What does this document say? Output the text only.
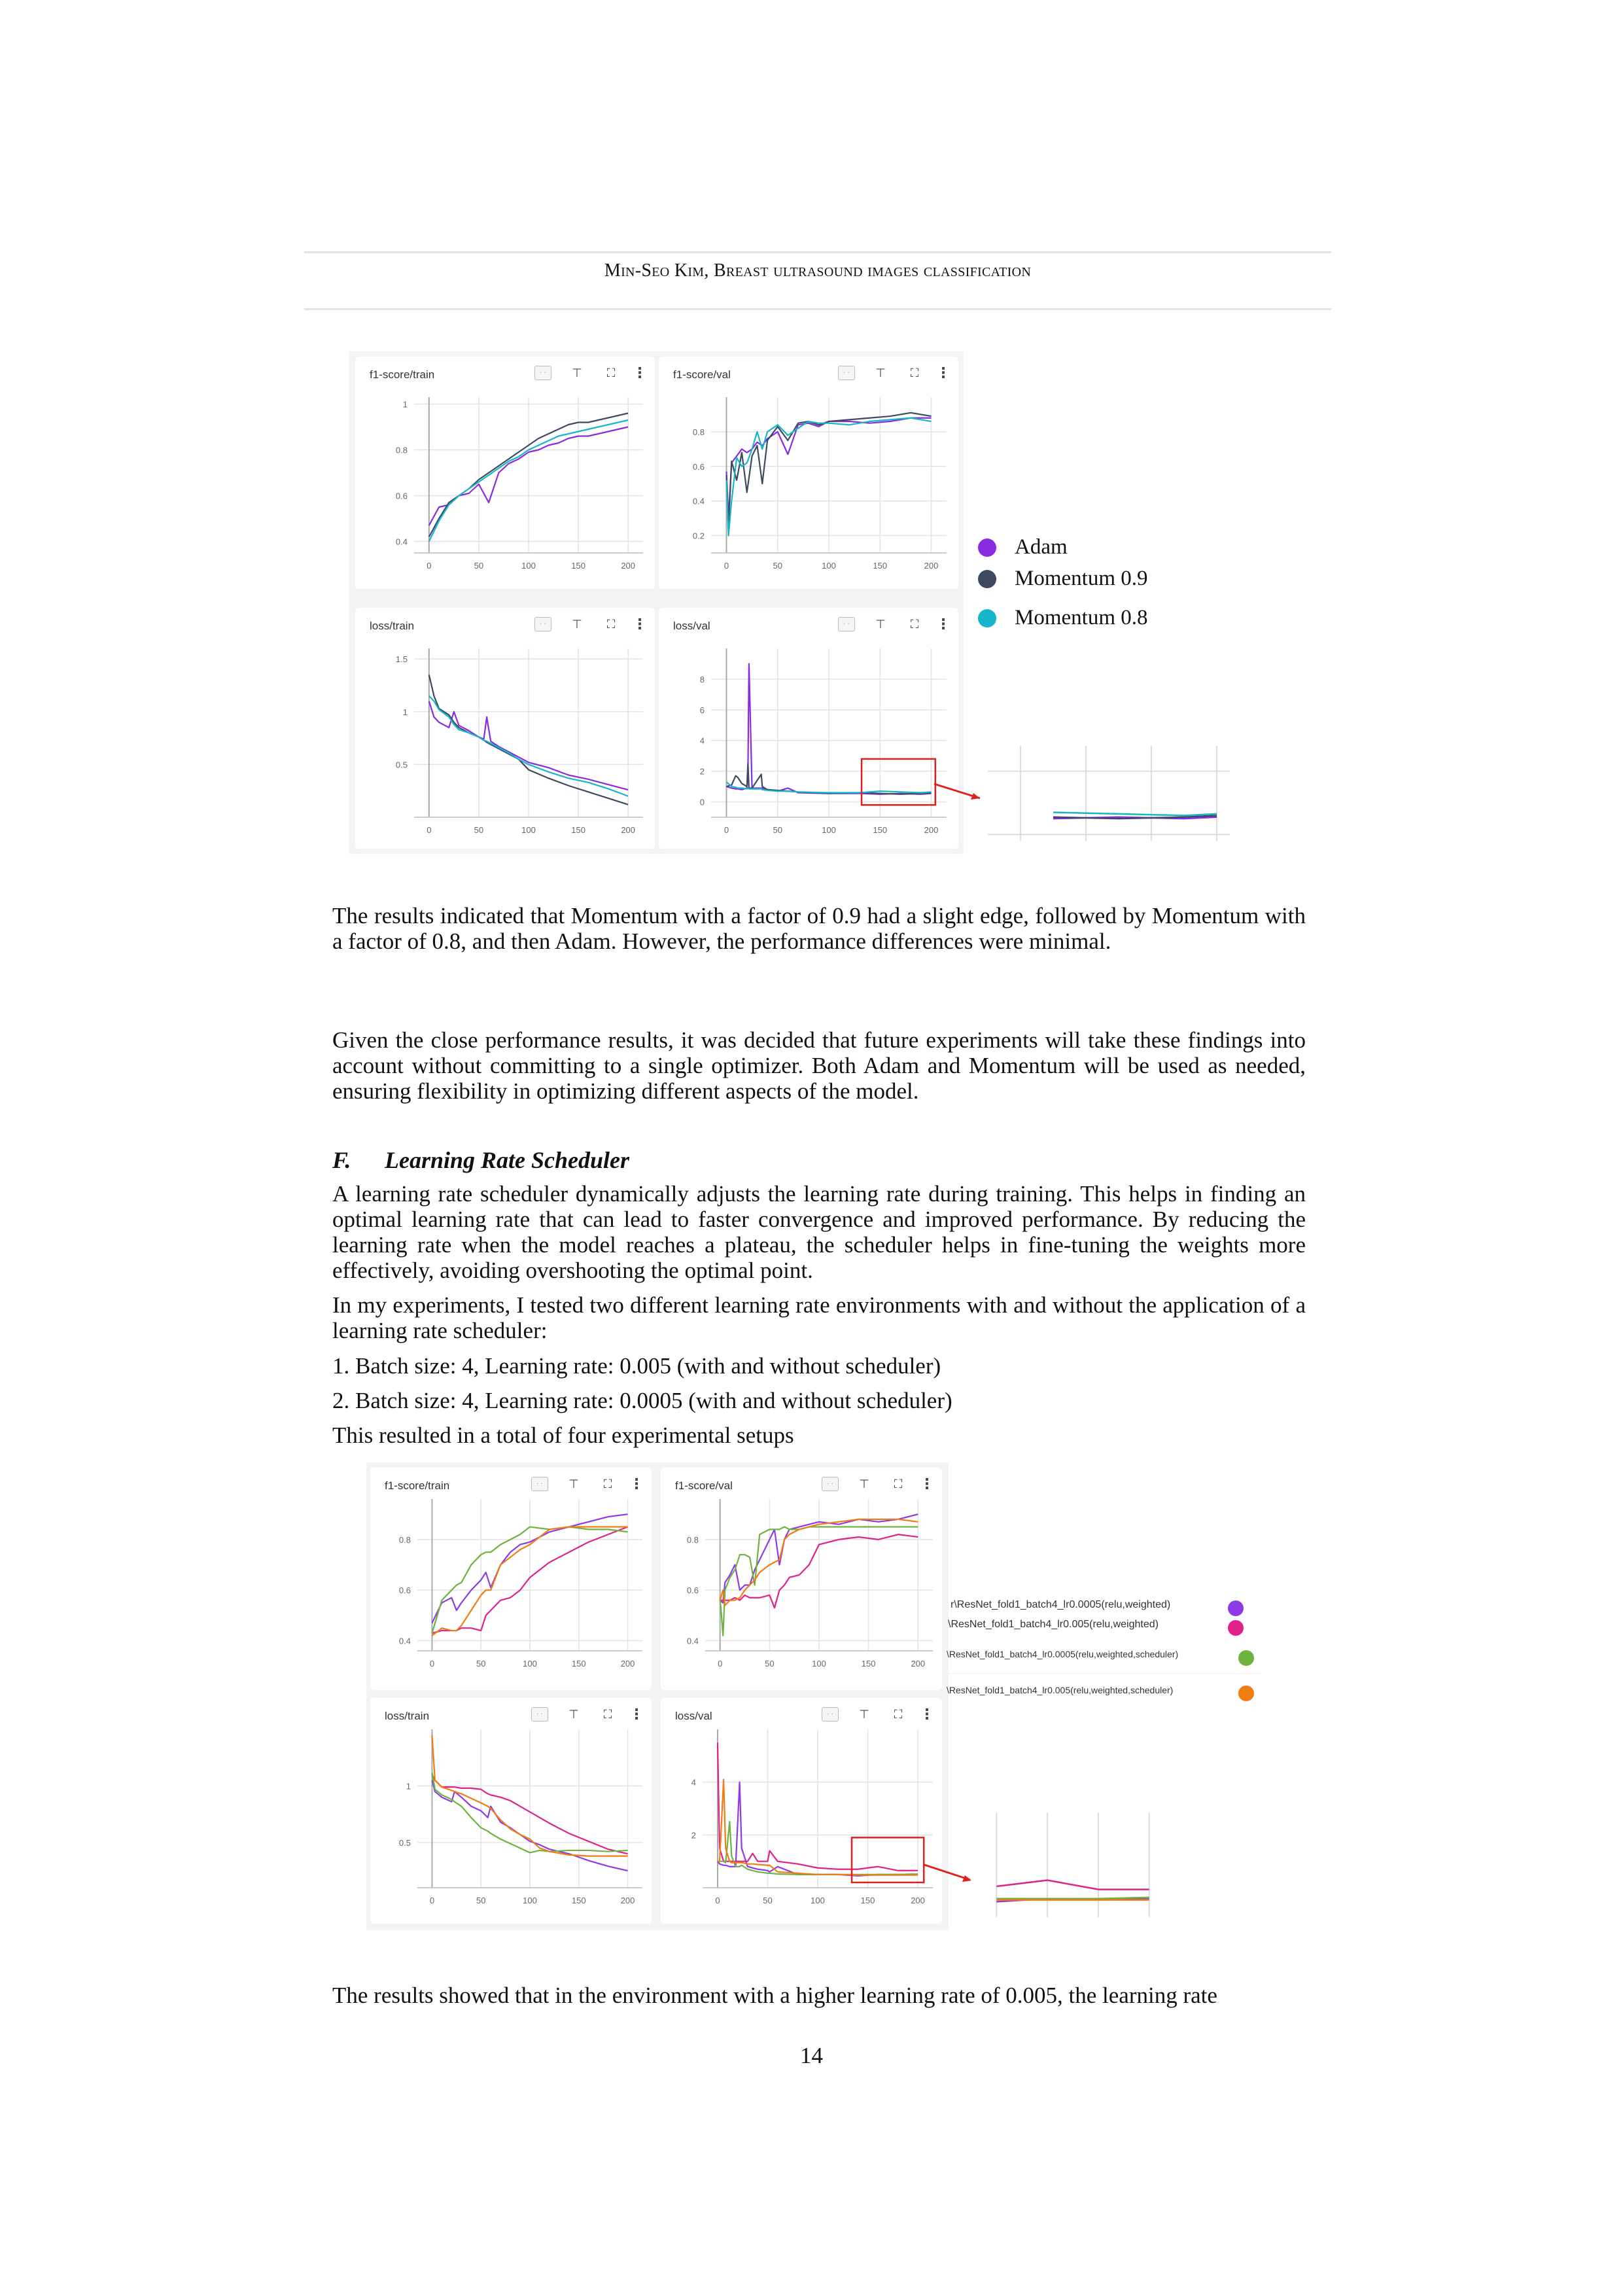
Min-Seo Kim, Breast ultrasound images classification
f1-score/train	· ·	⊤	⛶	⋮
0.4
0.6
0.8
1
0	50	100	150	200
f1-score/val	· ·	⊤	⛶	⋮
0.2
0.4
0.6
0.8
0	50	100	150	200
loss/train	· ·	⊤	⛶	⋮
0.5
1
1.5
0	50	100	150	200
loss/val	· ·	⊤	⛶	⋮
0
2
4
6
8
0	50	100	150	200
Adam
Momentum 0.9
Momentum 0.8
The results indicated that Momentum with a factor of 0.9 had a slight edge, followed by Momentum with a factor of 0.8, and then Adam. However, the performance differences were minimal.
Given the close performance results, it was decided that future experiments will take these findings into account without committing to a single optimizer. Both Adam and Momentum will be used as needed, ensuring flexibility in optimizing different aspects of the model.
F. Learning Rate Scheduler
A learning rate scheduler dynamically adjusts the learning rate during training. This helps in finding an optimal learning rate that can lead to faster convergence and improved performance. By reducing the learning rate when the model reaches a plateau, the scheduler helps in fine-tuning the weights more effectively, avoiding overshooting the optimal point.
In my experiments, I tested two different learning rate environments with and without the application of a learning rate scheduler:
1. Batch size: 4, Learning rate: 0.005 (with and without scheduler)
2. Batch size: 4, Learning rate: 0.0005 (with and without scheduler)
This resulted in a total of four experimental setups
f1-score/train	· ·	⊤	⛶	⋮
0.4
0.6
0.8
0	50	100	150	200
f1-score/val	· ·	⊤	⛶	⋮
0.4
0.6
0.8
0	50	100	150	200
loss/train	· ·	⊤	⛶	⋮
0.5
1
0	50	100	150	200
loss/val	· ·	⊤	⛶	⋮
2
4
0	50	100	150	200
r\ResNet_fold1_batch4_lr0.0005(relu,weighted)
\ResNet_fold1_batch4_lr0.005(relu,weighted)
\ResNet_fold1_batch4_lr0.0005(relu,weighted,scheduler)
\ResNet_fold1_batch4_lr0.005(relu,weighted,scheduler)
The results showed that in the environment with a higher learning rate of 0.005, the learning rate
14
